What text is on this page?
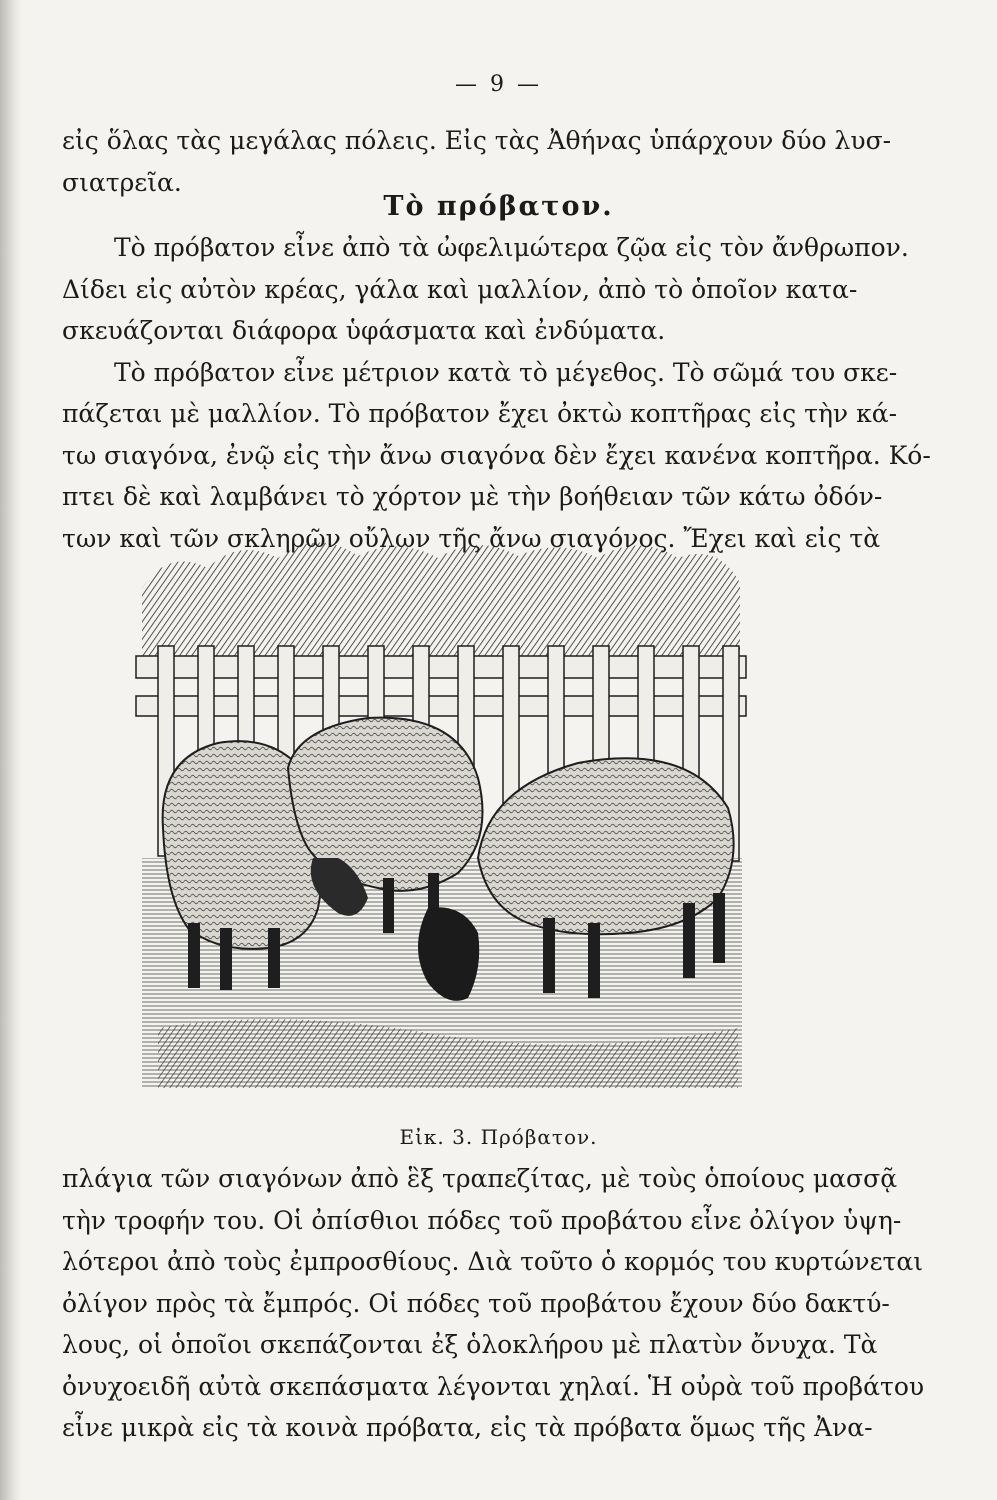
— 9 —
εἰς ὅλας τὰς μεγάλας πόλεις. Εἰς τὰς Ἀθήνας ὑπάρχουν δύο λυσ-
σιατρεῖα.
Τὸ πρόβατον.
Τὸ πρόβατον εἶνε ἀπὸ τὰ ὠφελιμώτερα ζῷα εἰς τὸν ἄνθρωπον.
Δίδει εἰς αὐτὸν κρέας, γάλα καὶ μαλλίον, ἀπὸ τὸ ὁποῖον κατα-
σκευάζονται διάφορα ὑφάσματα καὶ ἐνδύματα.
Τὸ πρόβατον εἶνε μέτριον κατὰ τὸ μέγεθος. Τὸ σῶμά του σκε-
πάζεται μὲ μαλλίον. Τὸ πρόβατον ἔχει ὀκτὼ κοπτῆρας εἰς τὴν κά-
τω σιαγόνα, ἐνῷ εἰς τὴν ἄνω σιαγόνα δὲν ἔχει κανένα κοπτῆρα. Κό-
πτει δὲ καὶ λαμβάνει τὸ χόρτον μὲ τὴν βοήθειαν τῶν κάτω ὀδόν-
των καὶ τῶν σκληρῶν οὔλων τῆς ἄνω σιαγόνος. Ἔχει καὶ εἰς τὰ
Εἰκ. 3. Πρόβατον.
πλάγια τῶν σιαγόνων ἀπὸ ἓξ τραπεζίτας, μὲ τοὺς ὁποίους μασσᾷ
τὴν τροφήν του. Οἱ ὀπίσθιοι πόδες τοῦ προβάτου εἶνε ὀλίγον ὑψη-
λότεροι ἀπὸ τοὺς ἐμπροσθίους. Διὰ τοῦτο ὁ κορμός του κυρτώνεται
ὀλίγον πρὸς τὰ ἔμπρός. Οἱ πόδες τοῦ προβάτου ἔχουν δύο δακτύ-
λους, οἱ ὁποῖοι σκεπάζονται ἐξ ὁλοκλήρου μὲ πλατὺν ὄνυχα. Τὰ
ὀνυχοειδῆ αὐτὰ σκεπάσματα λέγονται χηλαί. Ἡ οὐρὰ τοῦ προβάτου
εἶνε μικρὰ εἰς τὰ κοινὰ πρόβατα, εἰς τὰ πρόβατα ὅμως τῆς Ἀνα-
